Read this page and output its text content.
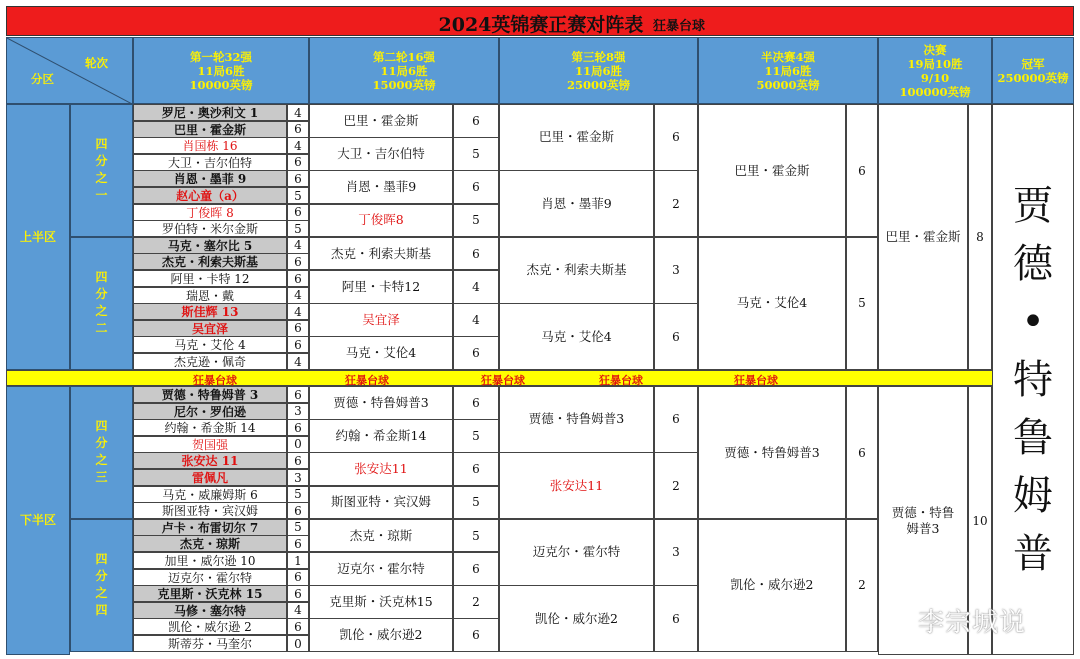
2024英锦赛正赛对阵表 狂暴台球
轮次
分区
第一轮32强
11局6胜
10000英镑
第二轮16强
11局6胜
15000英镑
第三轮8强
11局6胜
25000英镑
半决赛4强
11局6胜
50000英镑
决赛
19局10胜
9/10
100000英镑
冠军
250000英镑
上半区
下半区
四分之一
四分之二
四分之三
四分之四
罗尼・奥沙利文 1	4
巴里・霍金斯	6
肖国栋 16	4
大卫・吉尔伯特	6
肖恩・墨菲 9	6
赵心童（a）	5
丁俊晖 8	6
罗伯特・米尔金斯	5
马克・塞尔比 5	4
杰克・利索夫斯基	6
阿里・卡特 12	6
瑞恩・戴	4
斯佳辉 13	4
吴宜泽	6
马克・艾伦 4	6
杰克逊・佩奇	4
贾德・特鲁姆普 3	6
尼尔・罗伯逊	3
约翰・希金斯 14	6
贺国强	0
张安达 11	6
雷佩凡	3
马克・威廉姆斯 6	5
斯图亚特・宾汉姆	6
卢卡・布雷切尔 7	5
杰克・琼斯	6
加里・威尔逊 10	1
迈克尔・霍尔特	6
克里斯・沃克林 15	6
马修・塞尔特	4
凯伦・威尔逊 2	6
斯蒂芬・马奎尔	0
巴里・霍金斯	6
大卫・吉尔伯特	5
肖恩・墨菲9	6
丁俊晖8	5
杰克・利索夫斯基	6
阿里・卡特12	4
吴宜泽	4
马克・艾伦4	6
贾德・特鲁姆普3	6
约翰・希金斯14	5
张安达11	6
斯图亚特・宾汉姆	5
杰克・琼斯	5
迈克尔・霍尔特	6
克里斯・沃克林15	2
凯伦・威尔逊2	6
巴里・霍金斯	6
肖恩・墨菲9	2
杰克・利索夫斯基	3
马克・艾伦4	6
贾德・特鲁姆普3	6
张安达11	2
迈克尔・霍尔特	3
凯伦・威尔逊2	6
巴里・霍金斯	6
马克・艾伦4	5
贾德・特鲁姆普3	6
凯伦・威尔逊2	2
巴里・霍金斯	8
贾德・特鲁
姆普3	10
狂暴台球	狂暴台球	狂暴台球	狂暴台球	狂暴台球
贾
德
•
特
鲁
姆
普
李宗城说
